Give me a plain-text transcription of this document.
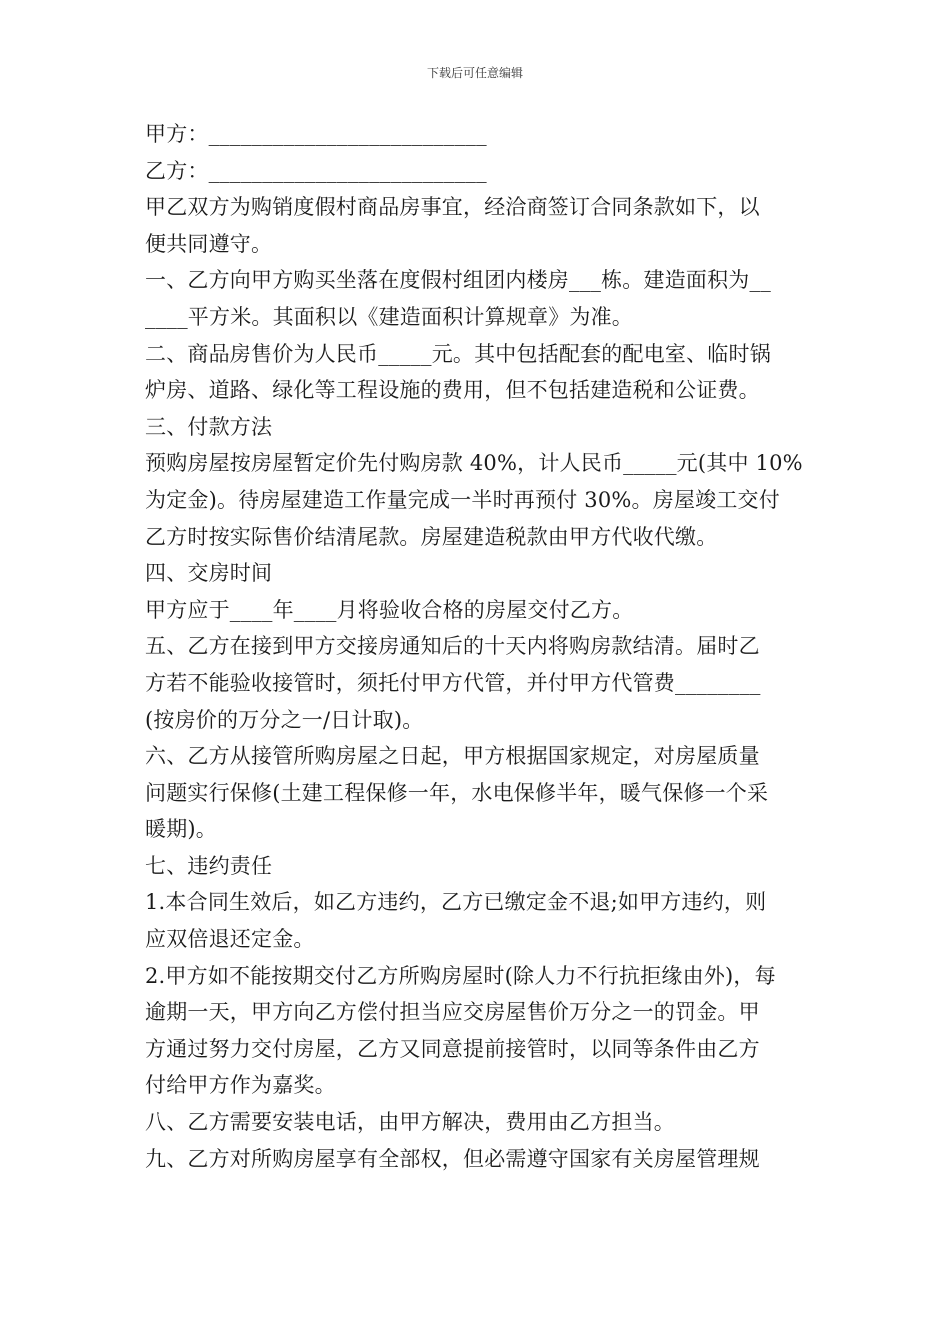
下载后可任意编辑
甲方：__________________________
乙方：__________________________
甲乙双方为购销度假村商品房事宜，经洽商签订合同条款如下，以
便共同遵守。
一、乙方向甲方购买坐落在度假村组团内楼房___栋。建造面积为__
____平方米。其面积以《建造面积计算规章》为准。
二、商品房售价为人民币_____元。其中包括配套的配电室、临时锅
炉房、道路、绿化等工程设施的费用，但不包括建造税和公证费。
三、付款方法
预购房屋按房屋暂定价先付购房款 40%，计人民币_____元(其中 10%
为定金)。待房屋建造工作量完成一半时再预付 30%。房屋竣工交付
乙方时按实际售价结清尾款。房屋建造税款由甲方代收代缴。
四、交房时间
甲方应于____年____月将验收合格的房屋交付乙方。
五、乙方在接到甲方交接房通知后的十天内将购房款结清。届时乙
方若不能验收接管时，须托付甲方代管，并付甲方代管费________
(按房价的万分之一/日计取)。
六、乙方从接管所购房屋之日起，甲方根据国家规定，对房屋质量
问题实行保修(土建工程保修一年，水电保修半年，暖气保修一个采
暖期)。
七、违约责任
1.本合同生效后，如乙方违约，乙方已缴定金不退;如甲方违约，则
应双倍退还定金。
2.甲方如不能按期交付乙方所购房屋时(除人力不行抗拒缘由外)，每
逾期一天，甲方向乙方偿付担当应交房屋售价万分之一的罚金。甲
方通过努力交付房屋，乙方又同意提前接管时，以同等条件由乙方
付给甲方作为嘉奖。
八、乙方需要安装电话，由甲方解决，费用由乙方担当。
九、乙方对所购房屋享有全部权，但必需遵守国家有关房屋管理规
